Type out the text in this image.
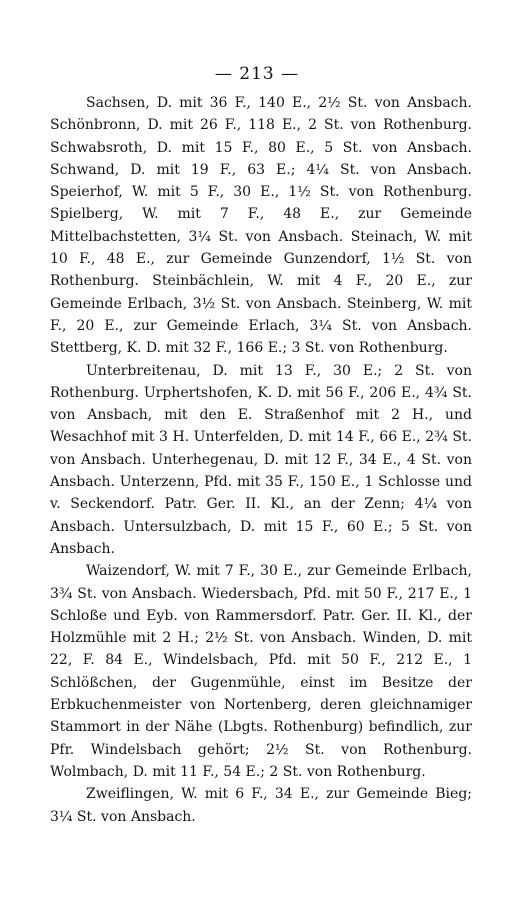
— 213 —

Sachsen, D. mit 36 F., 140 E., 2½ St. von Ansbach. Schönbronn, D. mit 26 F., 118 E., 2 St. von Rothenburg. Schwabsroth, D. mit 15 F., 80 E., 5 St. von Ansbach. Schwand, D. mit 19 F., 63 E.; 4¼ St. von Ansbach. Speierhof, W. mit 5 F., 30 E., 1½ St. von Rothenburg. Spielberg, W. mit 7 F., 48 E., zur Gemeinde Mittelbachstetten, 3¼ St. von Ansbach. Steinach, W. mit 10 F., 48 E., zur Gemeinde Gunzendorf, 1½ St. von Rothenburg. Steinbächlein, W. mit 4 F., 20 E., zur Gemeinde Erlbach, 3½ St. von Ansbach. Steinberg, W. mit F., 20 E., zur Gemeinde Erlach, 3¼ St. von Ansbach. Stettberg, K. D. mit 32 F., 166 E.; 3 St. von Rothenburg.

Unterbreitenau, D. mit 13 F., 30 E.; 2 St. von Rothenburg. Urphertshofen, K. D. mit 56 F., 206 E., 4¾ St. von Ansbach, mit den E. Straßenhof mit 2 H., und Wesachhof mit 3 H. Unterfelden, D. mit 14 F., 66 E., 2¾ St. von Ansbach. Unterhegenau, D. mit 12 F., 34 E., 4 St. von Ansbach. Unterzenn, Pfd. mit 35 F., 150 E., 1 Schlosse und v. Seckendorf. Patr. Ger. II. Kl., an der Zenn; 4¼ von Ansbach. Untersulzbach, D. mit 15 F., 60 E.; 5 St. von Ansbach.

Waizendorf, W. mit 7 F., 30 E., zur Gemeinde Erlbach, 3¾ St. von Ansbach. Wiedersbach, Pfd. mit 50 F., 217 E., 1 Schloße und Eyb. von Rammersdorf. Patr. Ger. II. Kl., der Holzmühle mit 2 H.; 2½ St. von Ansbach. Winden, D. mit 22, F. 84 E., Windelsbach, Pfd. mit 50 F., 212 E., 1 Schlößchen, der Gugenmühle, einst im Besitze der Erbkuchenmeister von Nortenberg, deren gleichnamiger Stammort in der Nähe (Lbgts. Rothenburg) befindlich, zur Pfr. Windelsbach gehört; 2½ St. von Rothenburg. Wolmbach, D. mit 11 F., 54 E.; 2 St. von Rothenburg.

Zweiflingen, W. mit 6 F., 34 E., zur Gemeinde Bieg; 3¼ St. von Ansbach.
